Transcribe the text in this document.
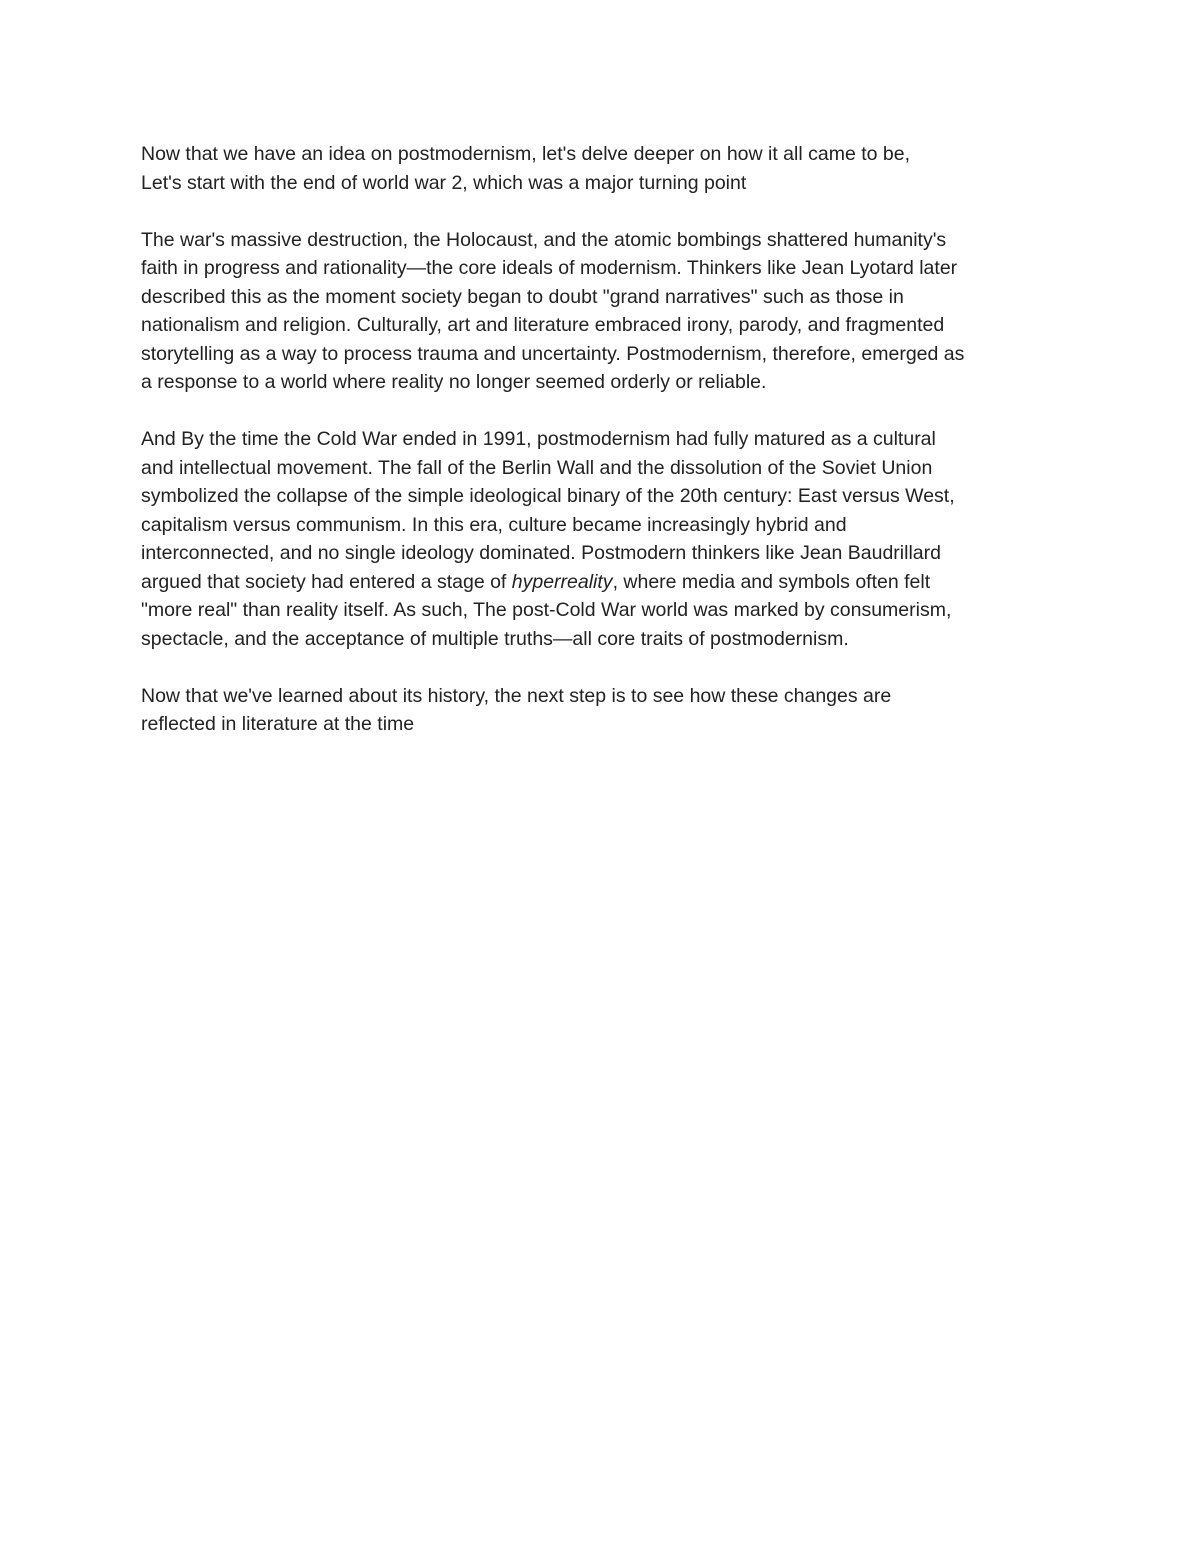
Now that we have an idea on postmodernism, let's delve deeper on how it all came to be,
Let's start with the end of world war 2, which was a major turning point

The war's massive destruction, the Holocaust, and the atomic bombings shattered humanity's
faith in progress and rationality—the core ideals of modernism. Thinkers like Jean Lyotard later
described this as the moment society began to doubt "grand narratives" such as those in
nationalism and religion. Culturally, art and literature embraced irony, parody, and fragmented
storytelling as a way to process trauma and uncertainty. Postmodernism, therefore, emerged as
a response to a world where reality no longer seemed orderly or reliable.

And By the time the Cold War ended in 1991, postmodernism had fully matured as a cultural
and intellectual movement. The fall of the Berlin Wall and the dissolution of the Soviet Union
symbolized the collapse of the simple ideological binary of the 20th century: East versus West,
capitalism versus communism. In this era, culture became increasingly hybrid and
interconnected, and no single ideology dominated. Postmodern thinkers like Jean Baudrillard
argued that society had entered a stage of hyperreality, where media and symbols often felt
"more real" than reality itself. As such, The post-Cold War world was marked by consumerism,
spectacle, and the acceptance of multiple truths—all core traits of postmodernism.

Now that we've learned about its history, the next step is to see how these changes are
reflected in literature at the time
